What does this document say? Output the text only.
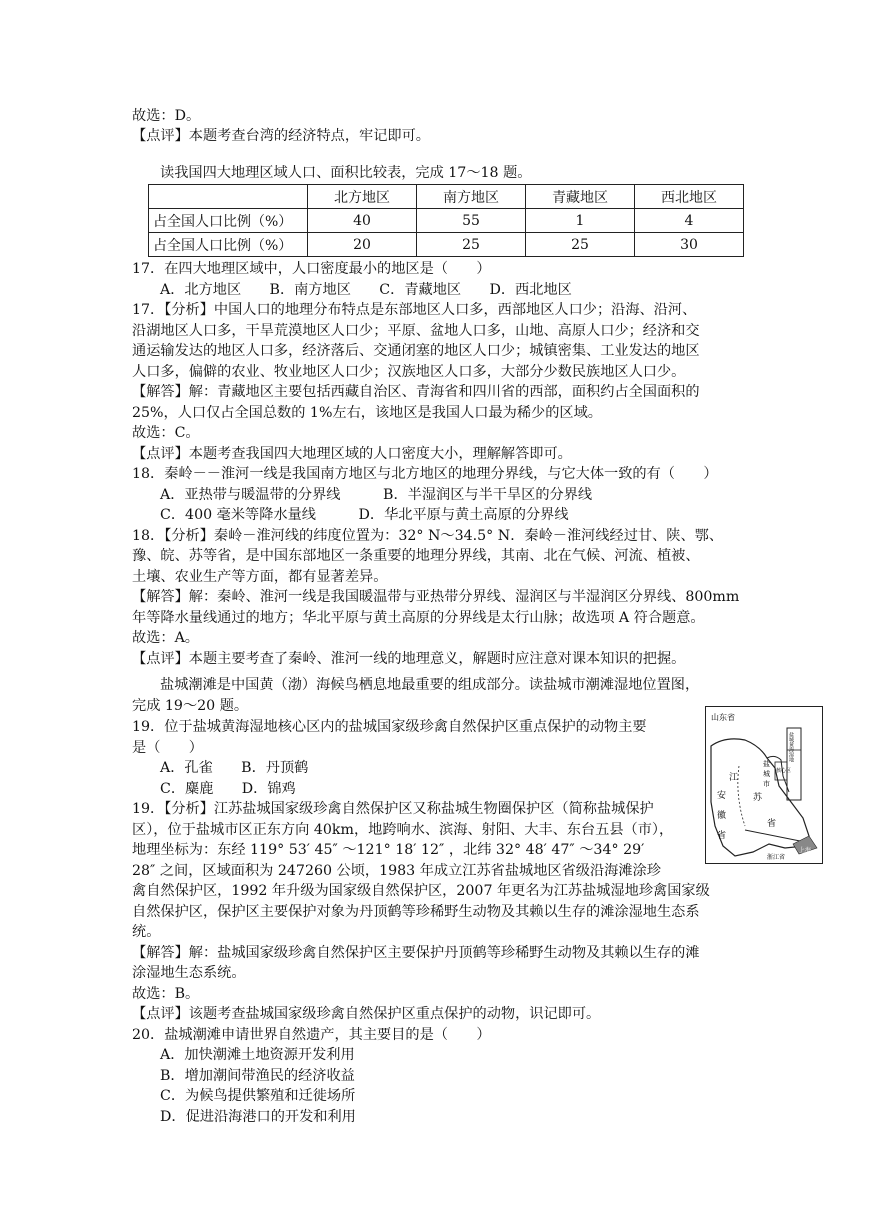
故选：D。
【点评】本题考查台湾的经济特点，牢记即可。
读我国四大地理区域人口、面积比较表，完成 17～18 题。
	北方地区	南方地区	青藏地区	西北地区
占全国人口比例（%）	40	55	1	4
占全国人口比例（%）	20	25	25	30
17．在四大地理区域中，人口密度最小的地区是（　　）
A．北方地区　　B．南方地区　　C．青藏地区　　D．西北地区
17．【分析】中国人口的地理分布特点是东部地区人口多，西部地区人口少；沿海、沿河、
沿湖地区人口多，干旱荒漠地区人口少；平原、盆地人口多，山地、高原人口少；经济和交
通运输发达的地区人口多，经济落后、交通闭塞的地区人口少；城镇密集、工业发达的地区
人口多，偏僻的农业、牧业地区人口少；汉族地区人口多，大部分少数民族地区人口少。
【解答】解：青藏地区主要包括西藏自治区、青海省和四川省的西部，面积约占全国面积的
25%，人口仅占全国总数的 1%左右，该地区是我国人口最为稀少的区域。
故选：C。
【点评】本题考查我国四大地理区域的人口密度大小，理解解答即可。
18．秦岭－－淮河一线是我国南方地区与北方地区的地理分界线，与它大体一致的有（　　）
A．亚热带与暖温带的分界线　　　B．半湿润区与半干旱区的分界线
C．400 毫米等降水量线　　　D．华北平原与黄土高原的分界线
18．【分析】秦岭－淮河线的纬度位置为：32° N～34.5° N．秦岭－淮河线经过甘、陕、鄂、
豫、皖、苏等省，是中国东部地区一条重要的地理分界线，其南、北在气候、河流、植被、
土壤、农业生产等方面，都有显著差异。
【解答】解：秦岭、淮河一线是我国暖温带与亚热带分界线、湿润区与半湿润区分界线、800mm
年等降水量线通过的地方；华北平原与黄土高原的分界线是太行山脉；故选项 A 符合题意。
故选：A。
【点评】本题主要考查了秦岭、淮河一线的地理意义，解题时应注意对课本知识的把握。
盐城潮滩是中国黄（渤）海候鸟栖息地最重要的组成部分。读盐城市潮滩湿地位置图，
完成 19～20 题。
19．位于盐城黄海湿地核心区内的盐城国家级珍禽自然保护区重点保护的动物主要
是（　　）
A．孔雀　　B．丹顶鹤
C．麋鹿　　D．锦鸡
19．【分析】江苏盐城国家级珍禽自然保护区又称盐城生物圈保护区（简称盐城保护
区），位于盐城市区正东方向 40km，地跨响水、滨海、射阳、大丰、东台五县（市），
地理坐标为：东经 119° 53′ 45″ ～121° 18′ 12″ ，北纬 32° 48′ 47″ ～34° 29′
28″ 之间，区域面积为 247260 公顷，1983 年成立江苏省盐城地区省级沿海滩涂珍
禽自然保护区，1992 年升级为国家级自然保护区，2007 年更名为江苏盐城湿地珍禽国家级
自然保护区，保护区主要保护对象为丹顶鹤等珍稀野生动物及其赖以生存的滩涂湿地生态系
统。
【解答】解：盐城国家级珍禽自然保护区主要保护丹顶鹤等珍稀野生动物及其赖以生存的滩
涂湿地生态系统。
故选：B。
【点评】该题考查盐城国家级珍禽自然保护区重点保护的动物，识记即可。
20．盐城潮滩申请世界自然遗产，其主要目的是（　　）
A．加快潮滩土地资源开发利用
B．增加潮间带渔民的经济收益
C．为候鸟提供繁殖和迁徙场所
D．促进沿海港口的开发和利用
山东省
江
苏
省
安
徽
省
盐
城
市
核心区
盐城黄海湿地
浙江省
上海
